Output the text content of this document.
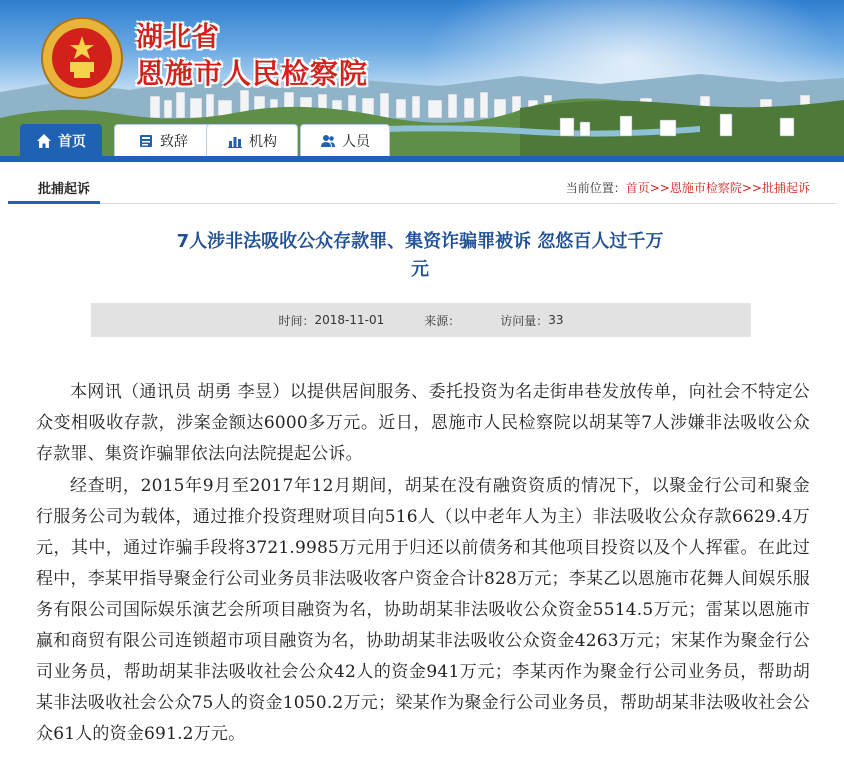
湖北省
恩施市人民检察院
首页	致辞	机构	人员
批捕起诉	当前位置：首页>>恩施市检察院>>批捕起诉
7人涉非法吸收公众存款罪、集资诈骗罪被诉 忽悠百人过千万
元
时间： 2018-11-01	来源：	访问量： 33

本网讯（通讯员 胡勇 李昱）以提供居间服务、委托投资为名走街串巷发放传单，向社会不特定公众变相吸收存款，涉案金额达6000多万元。近日，恩施市人民检察院以胡某等7人涉嫌非法吸收公众存款罪、集资诈骗罪依法向法院提起公诉。

经查明，2015年9月至2017年12月期间，胡某在没有融资资质的情况下，以聚金行公司和聚金行服务公司为载体，通过推介投资理财项目向516人（以中老年人为主）非法吸收公众存款6629.4万元，其中，通过诈骗手段将3721.9985万元用于归还以前债务和其他项目投资以及个人挥霍。在此过程中，李某甲指导聚金行公司业务员非法吸收客户资金合计828万元；李某乙以恩施市花舞人间娱乐服务有限公司国际娱乐演艺会所项目融资为名，协助胡某非法吸收公众资金5514.5万元；雷某以恩施市赢和商贸有限公司连锁超市项目融资为名，协助胡某非法吸收公众资金4263万元；宋某作为聚金行公司业务员，帮助胡某非法吸收社会公众42人的资金941万元；李某丙作为聚金行公司业务员，帮助胡某非法吸收社会公众75人的资金1050.2万元；梁某作为聚金行公司业务员，帮助胡某非法吸收社会公众61人的资金691.2万元。
